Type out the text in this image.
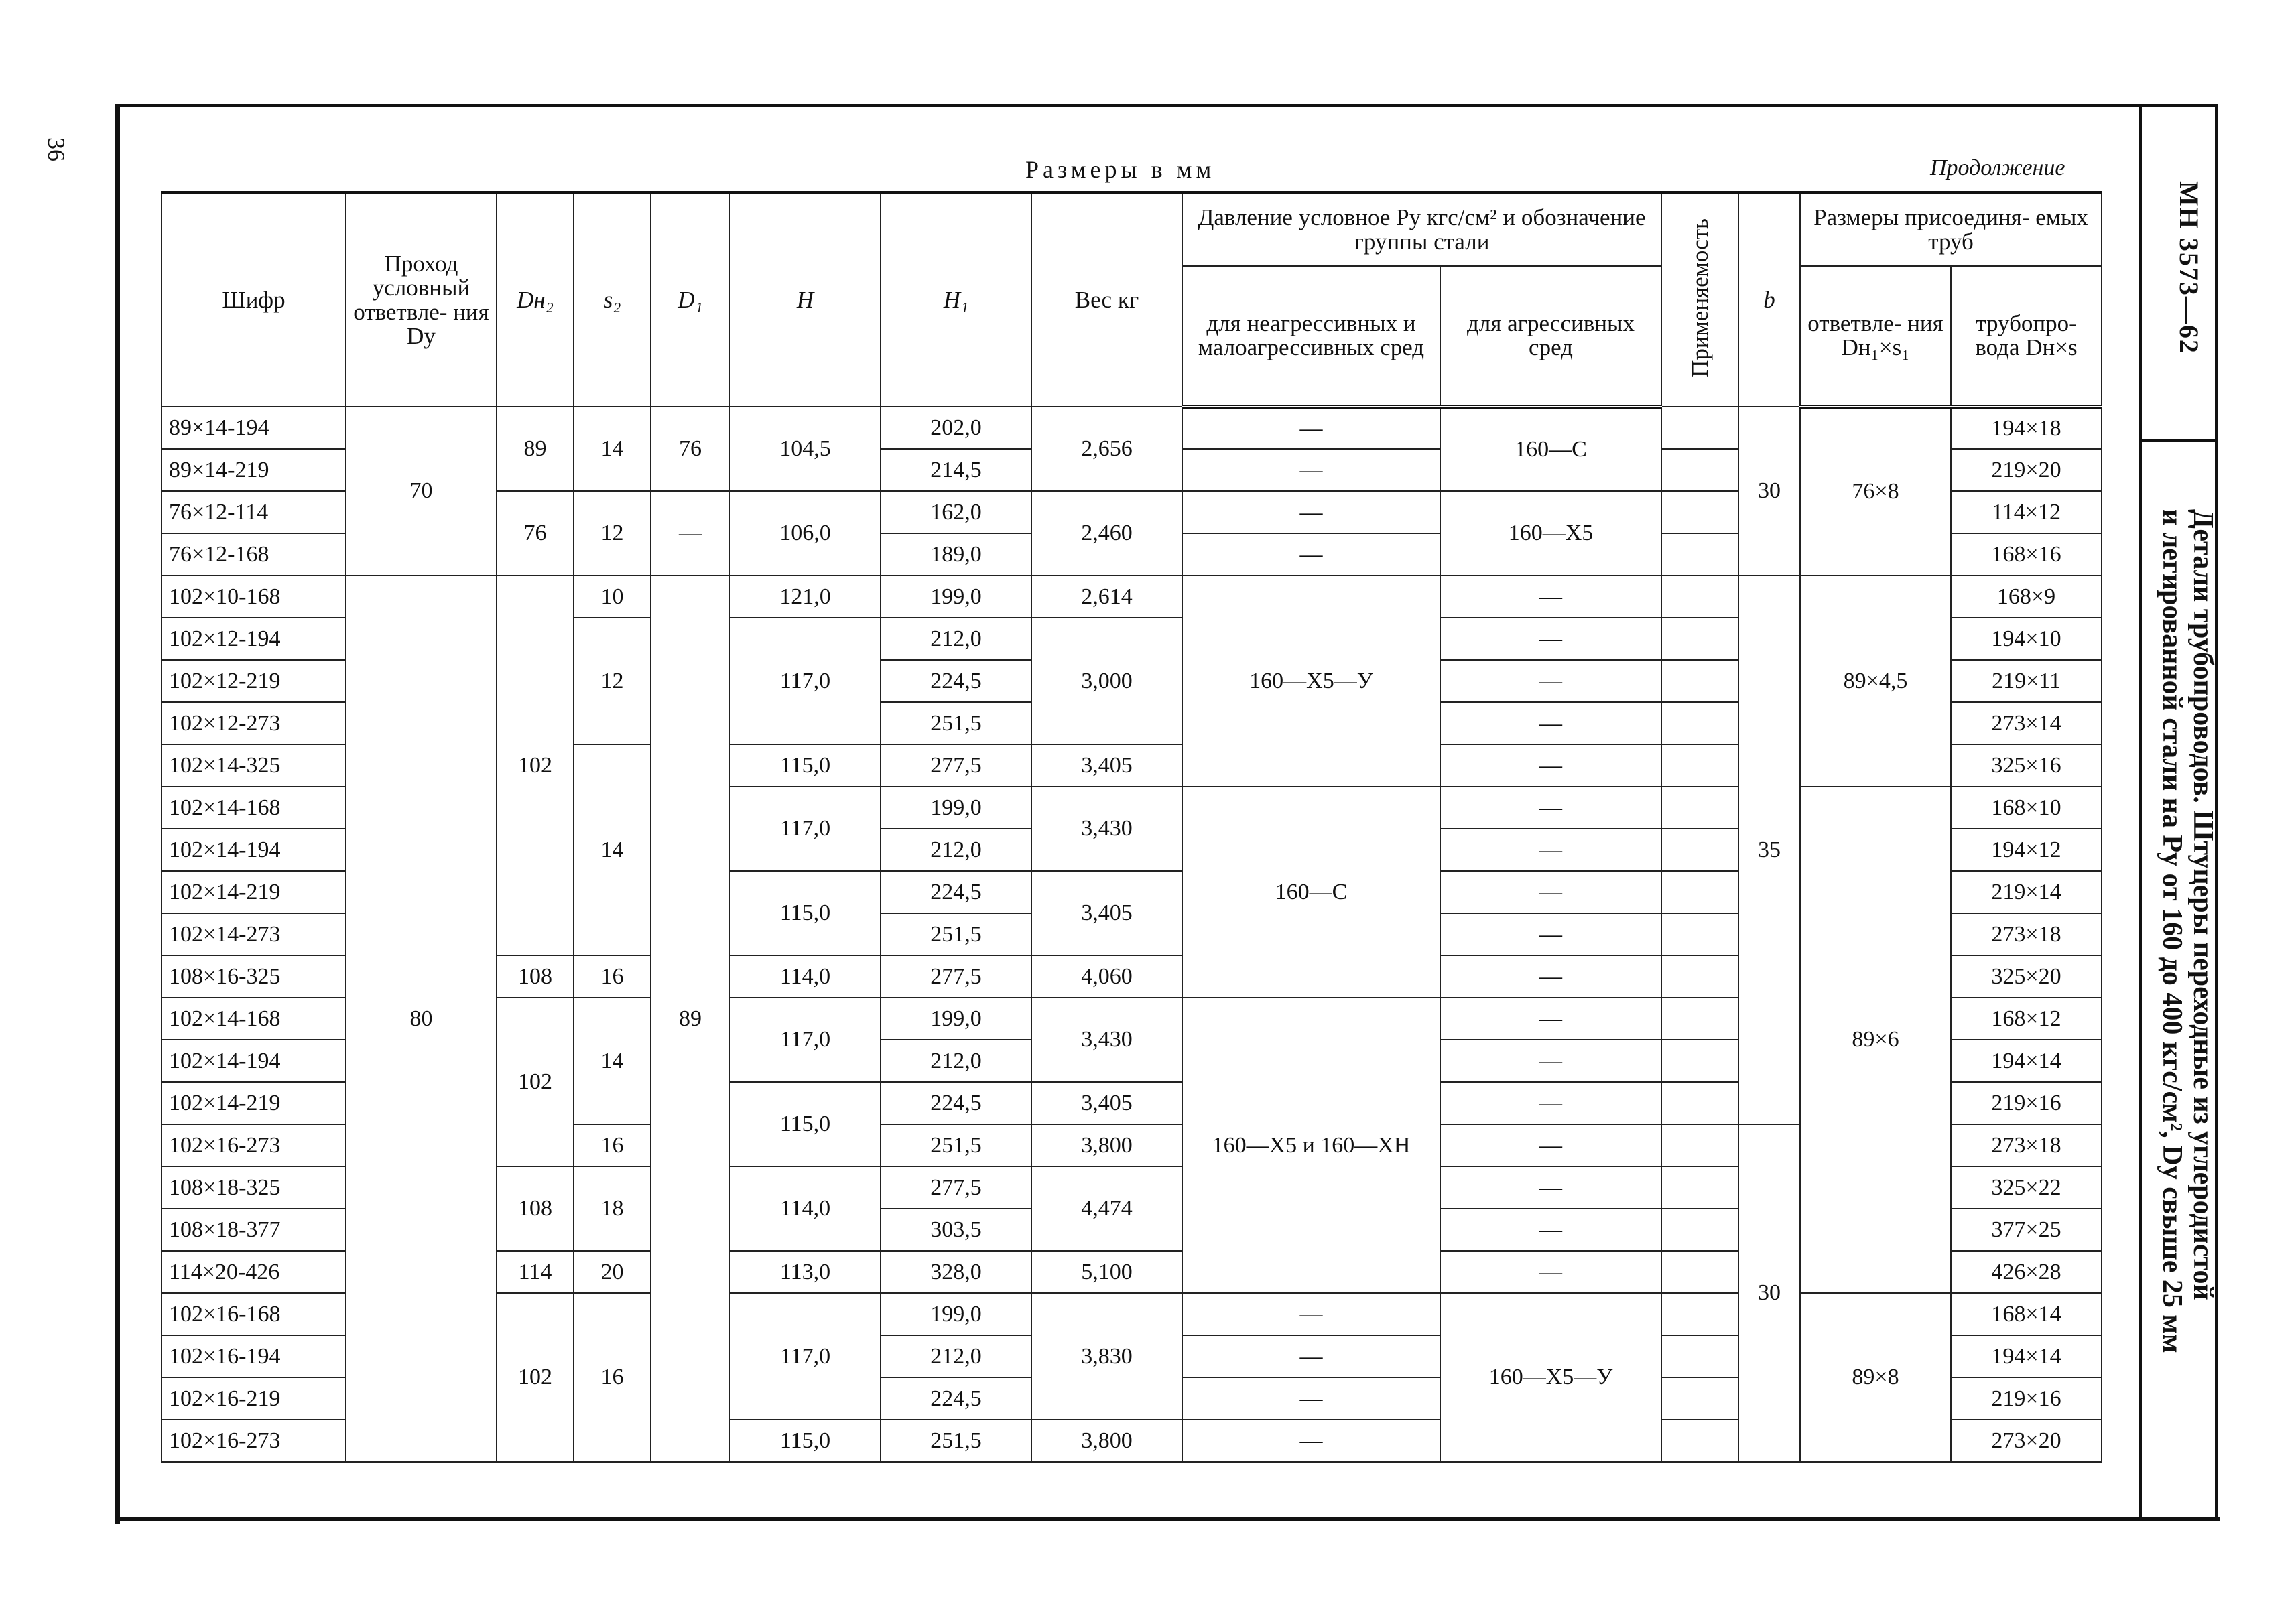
36
Размеры в мм	Продолжение
МН 3573—62
Детали трубопроводов. Штуцеры переходные из углеродистой
и легированной стали на Pу от 160 до 400 кгс/см², Dу свыше 25 мм
Шифр	Проход условный ответвле- ния Dу	Dн₂	s₂	D₁	H	H₁	Вес кг	Давление условное Pу кгс/см² и обозначение группы стали		Применяемость	b	Размеры присоединя- емых труб	
								для неагрессивных и малоагрессивных сред	для агрессивных сред			ответвле- ния Dн₁×s₁	трубопро- вода Dн×s
89×14-194	70	89	14	76	104,5	202,0	2,656	—	160—С		30	76×8	194×18
89×14-219						214,5		—					219×20
76×12-114		76	12	—	106,0	162,0	2,460	—	160—Х5				114×12
76×12-168						189,0		—					168×16
102×10-168	80	102	10	89	121,0	199,0	2,614	160—Х5—У	—		35	89×4,5	168×9
102×12-194			12		117,0	212,0	3,000		—				194×10
102×12-219						224,5			—				219×11
102×12-273						251,5			—				273×14
102×14-325			14		115,0	277,5	3,405		—				325×16
102×14-168					117,0	199,0	3,430	160—С	—			89×6	168×10
102×14-194						212,0			—				194×12
102×14-219					115,0	224,5	3,405		—				219×14
102×14-273						251,5			—				273×18
108×16-325		108	16		114,0	277,5	4,060		—				325×20
102×14-168		102	14		117,0	199,0	3,430	160—Х5 и 160—ХН	—				168×12
102×14-194						212,0			—				194×14
102×14-219					115,0	224,5	3,405		—				219×16
102×16-273			16			251,5	3,800		—		30		273×18
108×18-325		108	18		114,0	277,5	4,474		—				325×22
108×18-377						303,5			—				377×25
114×20-426		114	20		113,0	328,0	5,100		—				426×28
102×16-168		102	16		117,0	199,0	3,830	—	160—Х5—У			89×8	168×14
102×16-194						212,0		—					194×14
102×16-219						224,5		—					219×16
102×16-273					115,0	251,5	3,800	—					273×20
